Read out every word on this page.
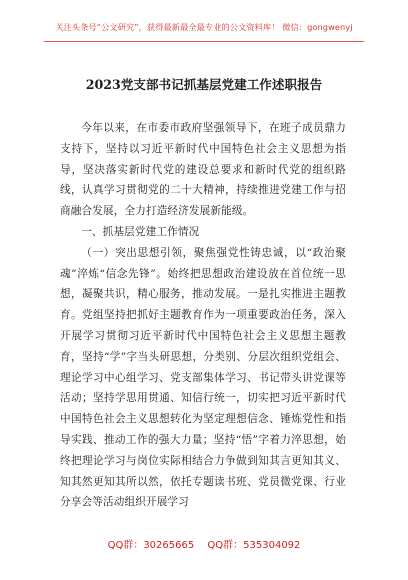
关注头条号“公文研究”，获得最新最全最专业的公文资料库！ 微信：gongwenyj
2023党支部书记抓基层党建工作述职报告

今年以来，在市委市政府坚强领导下，在班子成员鼎力支持下，坚持以习近平新时代中国特色社会主义思想为指导，坚决落实新时代党的建设总要求和新时代党的组织路线，认真学习贯彻党的二十大精神，持续推进党建工作与招商融合发展，全力打造经济发展新能级。

一、抓基层党建工作情况

（一）突出思想引领，聚焦强党性铸忠诚，以“政治聚魂”淬炼“信念先锋”。始终把思想政治建设放在首位统一思想，凝聚共识，精心服务，推动发展。一是扎实推进主题教育。党组坚持把抓好主题教育作为一项重要政治任务，深入开展学习贯彻习近平新时代中国特色社会主义思想主题教育，坚持“学”字当头研思想，分类别、分层次组织党组会、理论学习中心组学习、党支部集体学习、书记带头讲党课等活动；坚持学思用贯通、知信行统一，切实把习近平新时代中国特色社会主义思想转化为坚定理想信念、锤炼党性和指导实践、推动工作的强大力量；坚持“悟”字着力淬思想，始终把理论学习与岗位实际相结合力争做到知其言更知其义、知其然更知其所以然，依托专题读书班、党员微党课、行业分享会等活动组织开展学习

QQ群：30265665 QQ群：535304092
